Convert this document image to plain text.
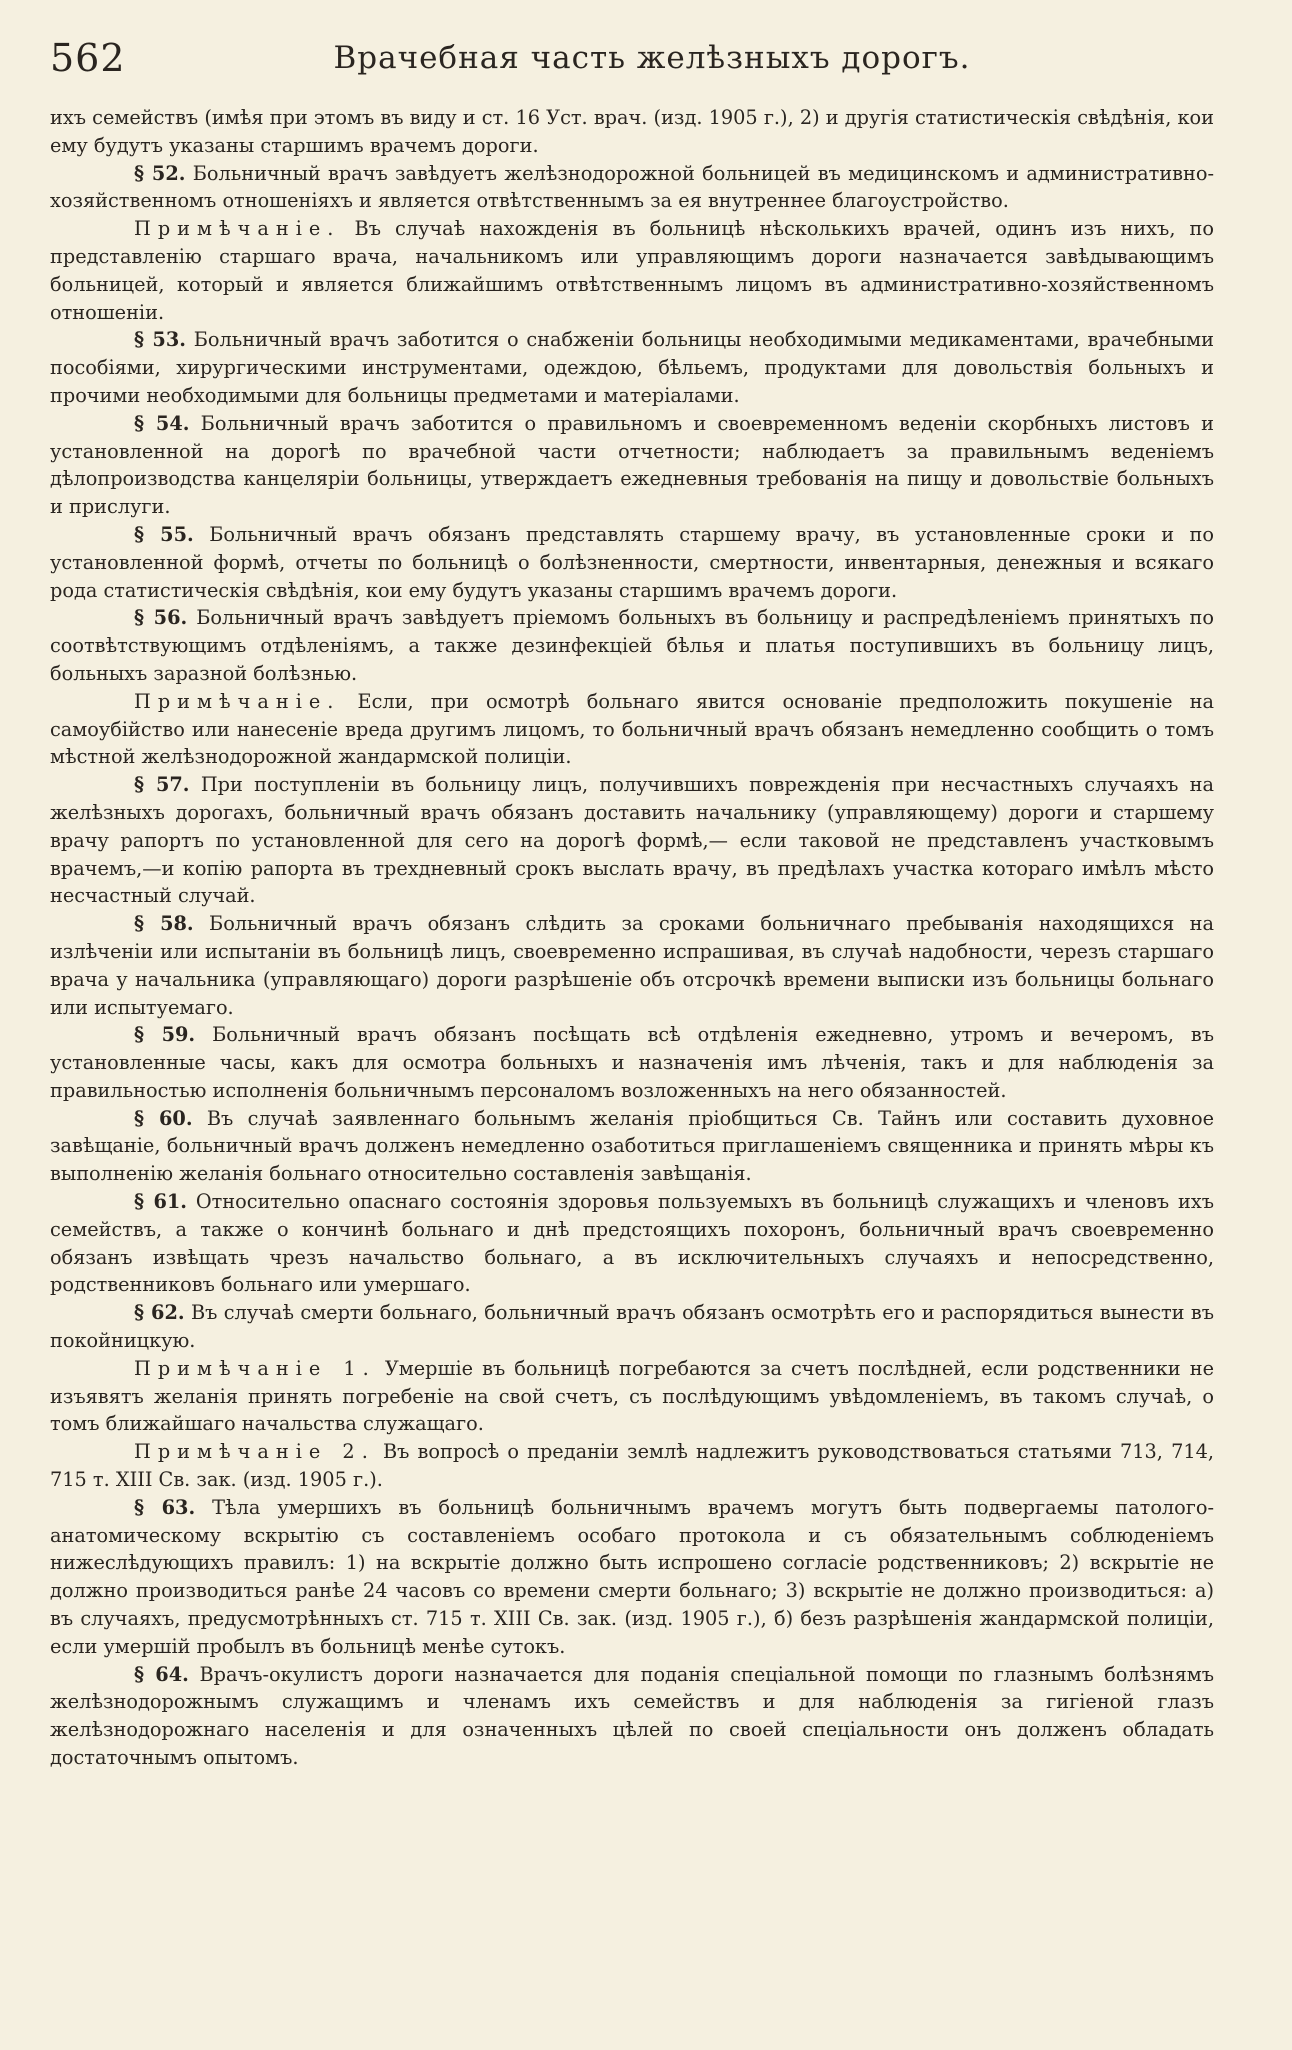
562	Врачебная часть желѣзныхъ дорогъ.

ихъ семействъ (имѣя при этомъ въ виду и ст. 16 Уст. врач. (изд. 1905 г.), 2) и другія статистическія свѣдѣнія, кои ему будутъ указаны старшимъ врачемъ дороги.

§ 52. Больничный врачъ завѣдуетъ желѣзнодорожной больницей въ медицинскомъ и административно-хозяйственномъ отношеніяхъ и является отвѣтственнымъ за ея внутреннее благоустройство.

Примѣчаніе. Въ случаѣ нахожденія въ больницѣ нѣсколькихъ врачей, одинъ изъ нихъ, по представленію старшаго врача, начальникомъ или управляющимъ дороги назначается завѣдывающимъ больницей, который и является ближайшимъ отвѣтственнымъ лицомъ въ административно-хозяйственномъ отношеніи.

§ 53. Больничный врачъ заботится о снабженіи больницы необходимыми медикаментами, врачебными пособіями, хирургическими инструментами, одеждою, бѣльемъ, продуктами для довольствія больныхъ и прочими необходимыми для больницы предметами и матеріалами.

§ 54. Больничный врачъ заботится о правильномъ и своевременномъ веденіи скорбныхъ листовъ и установленной на дорогѣ по врачебной части отчетности; наблюдаетъ за правильнымъ веденіемъ дѣлопроизводства канцеляріи больницы, утверждаетъ ежедневныя требованія на пищу и довольствіе больныхъ и прислуги.

§ 55. Больничный врачъ обязанъ представлять старшему врачу, въ установленные сроки и по установленной формѣ, отчеты по больницѣ о болѣзненности, смертности, инвентарныя, денежныя и всякаго рода статистическія свѣдѣнія, кои ему будутъ указаны старшимъ врачемъ дороги.

§ 56. Больничный врачъ завѣдуетъ пріемомъ больныхъ въ больницу и распредѣленіемъ принятыхъ по соотвѣтствующимъ отдѣленіямъ, а также дезинфекціей бѣлья и платья поступившихъ въ больницу лицъ, больныхъ заразной болѣзнью.

Примѣчаніе. Если, при осмотрѣ больнаго явится основаніе предположить покушеніе на самоубійство или нанесеніе вреда другимъ лицомъ, то больничный врачъ обязанъ немедленно сообщить о томъ мѣстной желѣзнодорожной жандармской полиціи.

§ 57. При поступленіи въ больницу лицъ, получившихъ поврежденія при несчастныхъ случаяхъ на желѣзныхъ дорогахъ, больничный врачъ обязанъ доставить начальнику (управляющему) дороги и старшему врачу рапортъ по установленной для сего на дорогѣ формѣ,— если таковой не представленъ участковымъ врачемъ,—и копію рапорта въ трехдневный срокъ выслать врачу, въ предѣлахъ участка котораго имѣлъ мѣсто несчастный случай.

§ 58. Больничный врачъ обязанъ слѣдить за сроками больничнаго пребыванія находящихся на излѣченіи или испытаніи въ больницѣ лицъ, своевременно испрашивая, въ случаѣ надобности, черезъ старшаго врача у начальника (управляющаго) дороги разрѣшеніе объ отсрочкѣ времени выписки изъ больницы больнаго или испытуемаго.

§ 59. Больничный врачъ обязанъ посѣщать всѣ отдѣленія ежедневно, утромъ и вечеромъ, въ установленные часы, какъ для осмотра больныхъ и назначенія имъ лѣченія, такъ и для наблюденія за правильностью исполненія больничнымъ персоналомъ возложенныхъ на него обязанностей.

§ 60. Въ случаѣ заявленнаго больнымъ желанія пріобщиться Св. Тайнъ или составить духовное завѣщаніе, больничный врачъ долженъ немедленно озаботиться приглашеніемъ священника и принять мѣры къ выполненію желанія больнаго относительно составленія завѣщанія.

§ 61. Относительно опаснаго состоянія здоровья пользуемыхъ въ больницѣ служащихъ и членовъ ихъ семействъ, а также о кончинѣ больнаго и днѣ предстоящихъ похоронъ, больничный врачъ своевременно обязанъ извѣщать чрезъ начальство больнаго, а въ исключительныхъ случаяхъ и непосредственно, родственниковъ больнаго или умершаго.

§ 62. Въ случаѣ смерти больнаго, больничный врачъ обязанъ осмотрѣть его и распорядиться вынести въ покойницкую.

Примѣчаніе 1. Умершіе въ больницѣ погребаются за счетъ послѣдней, если родственники не изъявятъ желанія принять погребеніе на свой счетъ, съ послѣдующимъ увѣдомленіемъ, въ такомъ случаѣ, о томъ ближайшаго начальства служащаго.

Примѣчаніе 2. Въ вопросѣ о преданіи землѣ надлежитъ руководствоваться статьями 713, 714, 715 т. XIII Св. зак. (изд. 1905 г.).

§ 63. Тѣла умершихъ въ больницѣ больничнымъ врачемъ могутъ быть подвергаемы патолого-анатомическому вскрытію съ составленіемъ особаго протокола и съ обязательнымъ соблюденіемъ нижеслѣдующихъ правилъ: 1) на вскрытіе должно быть испрошено согласіе родственниковъ; 2) вскрытіе не должно производиться ранѣе 24 часовъ со времени смерти больнаго; 3) вскрытіе не должно производиться: а) въ случаяхъ, предусмотрѣнныхъ ст. 715 т. XIII Св. зак. (изд. 1905 г.), б) безъ разрѣшенія жандармской полиціи, если умершій пробылъ въ больницѣ менѣе сутокъ.

§ 64. Врачъ-окулистъ дороги назначается для поданія спеціальной помощи по глазнымъ болѣзнямъ желѣзнодорожнымъ служащимъ и членамъ ихъ семействъ и для наблюденія за гигіеной глазъ желѣзнодорожнаго населенія и для означенныхъ цѣлей по своей спеціальности онъ долженъ обладать достаточнымъ опытомъ.
